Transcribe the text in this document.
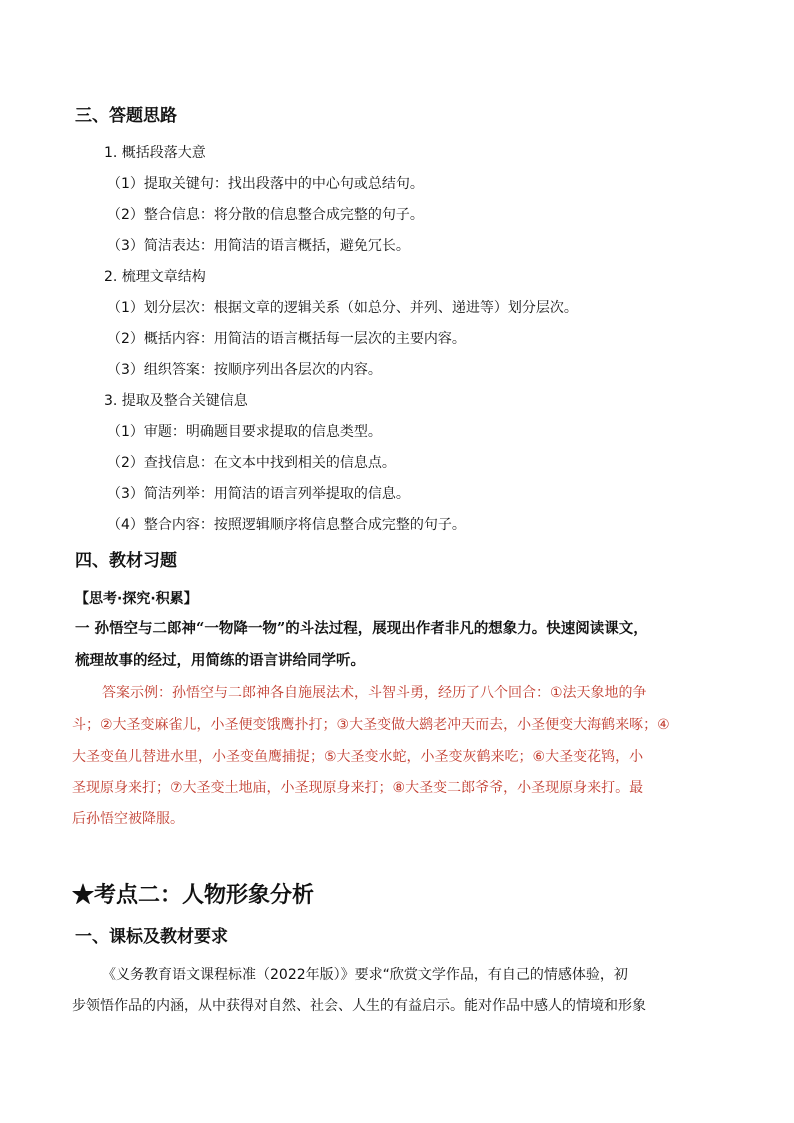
三、答题思路
1. 概括段落大意
（1）提取关键句：找出段落中的中心句或总结句。
（2）整合信息：将分散的信息整合成完整的句子。
（3）简洁表达：用简洁的语言概括，避免冗长。
2. 梳理文章结构
（1）划分层次：根据文章的逻辑关系（如总分、并列、递进等）划分层次。
（2）概括内容：用简洁的语言概括每一层次的主要内容。
（3）组织答案：按顺序列出各层次的内容。
3. 提取及整合关键信息
（1）审题：明确题目要求提取的信息类型。
（2）查找信息：在文本中找到相关的信息点。
（3）简洁列举：用简洁的语言列举提取的信息。
（4）整合内容：按照逻辑顺序将信息整合成完整的句子。
四、教材习题
【思考·探究·积累】
一 孙悟空与二郎神“一物降一物”的斗法过程，展现出作者非凡的想象力。快速阅读课文，
梳理故事的经过，用简练的语言讲给同学听。
答案示例：孙悟空与二郎神各自施展法术，斗智斗勇，经历了八个回合：①法天象地的争
斗；②大圣变麻雀儿，小圣便变饿鹰扑打；③大圣变做大鹚老冲天而去，小圣便变大海鹤来啄；④
大圣变鱼儿替进水里，小圣变鱼鹰捕捉；⑤大圣变水蛇，小圣变灰鹤来吃；⑥大圣变花鸨，小
圣现原身来打；⑦大圣变土地庙，小圣现原身来打；⑧大圣变二郎爷爷，小圣现原身来打。最
后孙悟空被降服。
★考点二：人物形象分析
一、课标及教材要求
《义务教育语文课程标准（2022年版）》要求“欣赏文学作品，有自己的情感体验，初
步领悟作品的内涵，从中获得对自然、社会、人生的有益启示。能对作品中感人的情境和形象
